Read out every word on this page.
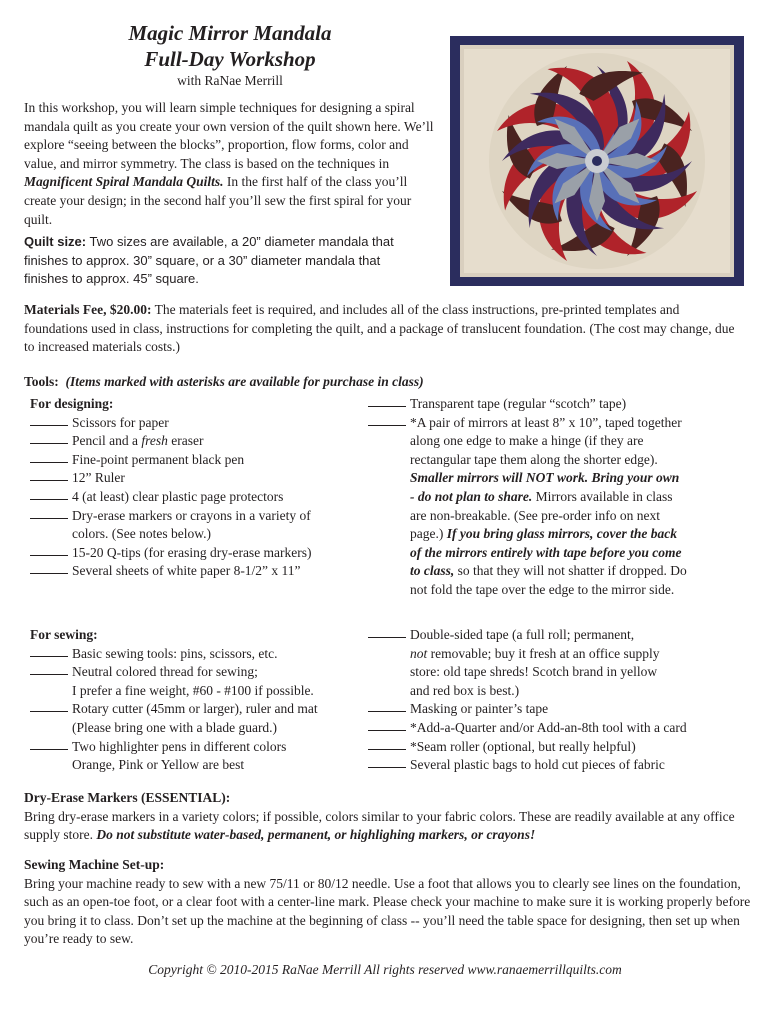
Magic Mirror Mandala
Full-Day Workshop
with RaNae Merrill
In this workshop, you will learn simple techniques for designing a spiral mandala quilt as you create your own version of the quilt shown here. We’ll explore “seeing between the blocks”, proportion, flow forms, color and value, and mirror symmetry. The class is based on the techniques in Magnificent Spiral Mandala Quilts. In the first half of the class you’ll create your design; in the second half you’ll sew the first spiral for your quilt.
Quilt size: Two sizes are available, a 20” diameter mandala that finishes to approx. 30” square, or a 30” diameter mandala that finishes to approx. 45” square.
Materials Fee, $20.00: The materials feet is required, and includes all of the class instructions, pre-printed templates and foundations used in class, instructions for completing the quilt, and a package of translucent foundation. (The cost may change, due to increased materials costs.)
Tools: (Items marked with asterisks are available for purchase in class)
For designing:
Scissors for paper
Pencil and a fresh eraser
Fine-point permanent black pen
12” Ruler
4 (at least) clear plastic page protectors
Dry-erase markers or crayons in a variety of
colors. (See notes below.)
15-20 Q-tips (for erasing dry-erase markers)
Several sheets of white paper 8-1/2” x 11”
Transparent tape (regular “scotch” tape)
*A pair of mirrors at least 8” x 10”, taped together
along one edge to make a hinge (if they are
rectangular tape them along the shorter edge).
Smaller mirrors will NOT work. Bring your own
- do not plan to share. Mirrors available in class
are non-breakable. (See pre-order info on next
page.) If you bring glass mirrors, cover the back
of the mirrors entirely with tape before you come
to class, so that they will not shatter if dropped. Do
not fold the tape over the edge to the mirror side.
For sewing:
Basic sewing tools: pins, scissors, etc.
Neutral colored thread for sewing;
I prefer a fine weight, #60 - #100 if possible.
Rotary cutter (45mm or larger), ruler and mat
(Please bring one with a blade guard.)
Two highlighter pens in different colors
Orange, Pink or Yellow are best
Double-sided tape (a full roll; permanent,
not removable; buy it fresh at an office supply
store: old tape shreds! Scotch brand in yellow
and red box is best.)
Masking or painter’s tape
*Add-a-Quarter and/or Add-an-8th tool with a card
*Seam roller (optional, but really helpful)
Several plastic bags to hold cut pieces of fabric
Dry-Erase Markers (ESSENTIAL):
Bring dry-erase markers in a variety colors; if possible, colors similar to your fabric colors. These are readily available at any office supply store. Do not substitute water-based, permanent, or highlighing markers, or crayons!
Sewing Machine Set-up:
Bring your machine ready to sew with a new 75/11 or 80/12 needle. Use a foot that allows you to clearly see lines on the foundation, such as an open-toe foot, or a clear foot with a center-line mark. Please check your machine to make sure it is working properly before you bring it to class. Don’t set up the machine at the beginning of class -- you’ll need the table space for designing, then set up when you’re ready to sew.
Copyright © 2010-2015 RaNae Merrill All rights reserved www.ranaemerrillquilts.com
